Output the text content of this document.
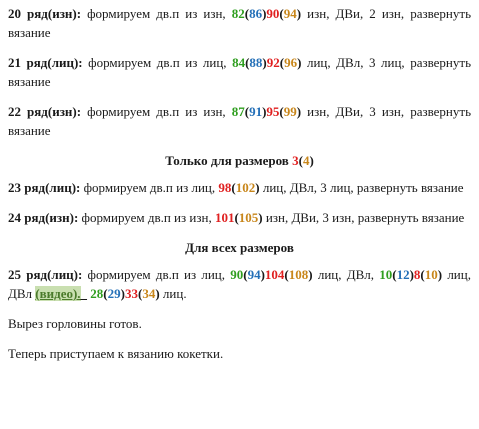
20 ряд(изн): формируем дв.п из изн, 82(86)90(94) изн, ДВи, 2 изн, развернуть вязание

21 ряд(лиц): формируем дв.п из лиц, 84(88)92(96) лиц, ДВл, 3 лиц, развернуть вязание

22 ряд(изн): формируем дв.п из изн, 87(91)95(99) изн, ДВи, 3 изн, развернуть вязание

Только для размеров 3(4)

23 ряд(лиц): формируем дв.п из лиц, 98(102) лиц, ДВл, 3 лиц, развернуть вязание

24 ряд(изн): формируем дв.п из изн, 101(105) изн, ДВи, 3 изн, развернуть вязание

Для всех размеров

25 ряд(лиц): формируем дв.п из лиц, 90(94)104(108) лиц, ДВл, 10(12)8(10) лиц, ДВл (видео). 28(29)33(34) лиц.

Вырез горловины готов.

Теперь приступаем к вязанию кокетки.
